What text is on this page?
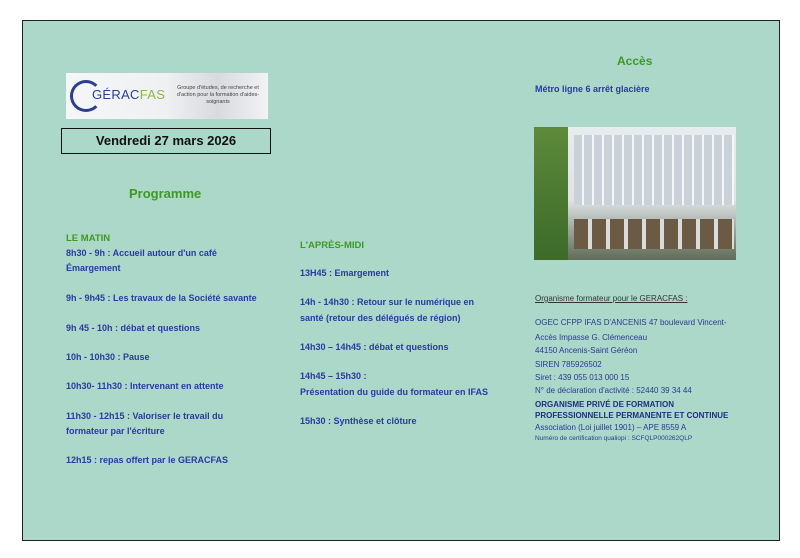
GÉRACFAS	Groupe d'études, de recherche et d'action pour la formation d'aides-soignants
Vendredi 27 mars 2026
Programme
LE MATIN
8h30 - 9h : Accueil autour d'un café
Émargement
9h - 9h45 : Les travaux de la Société savante
9h 45 - 10h : débat et questions
10h - 10h30 : Pause
10h30- 11h30 : Intervenant en attente
11h30 - 12h15 : Valoriser le travail du
formateur par l'écriture
12h15 : repas offert par le GERACFAS
L'APRÈS-MIDI
13H45 : Emargement
14h - 14h30 : Retour sur le numérique en
santé (retour des délégués de région)
14h30 – 14h45 : débat et questions
14h45 – 15h30 :
Présentation du guide du formateur en IFAS
15h30 : Synthèse et clôture
Accès
Métro ligne 6 arrêt glacière
Organisme formateur pour le GERACFAS :
OGEC CFPP IFAS D'ANCENIS 47 boulevard Vincent-
Accès Impasse G. Clémenceau
44150 Ancenis-Saint Géréon
SIREN 785926502
Siret : 439 055 013 000 15
N° de déclaration d'activité : 52440 39 34 44
ORGANISME PRIVÉ DE FORMATION
PROFESSIONNELLE PERMANENTE ET CONTINUE
Association (Loi juillet 1901) – APE 8559 A
Numéro de certification qualiopi : SCFQLP000262QLP
